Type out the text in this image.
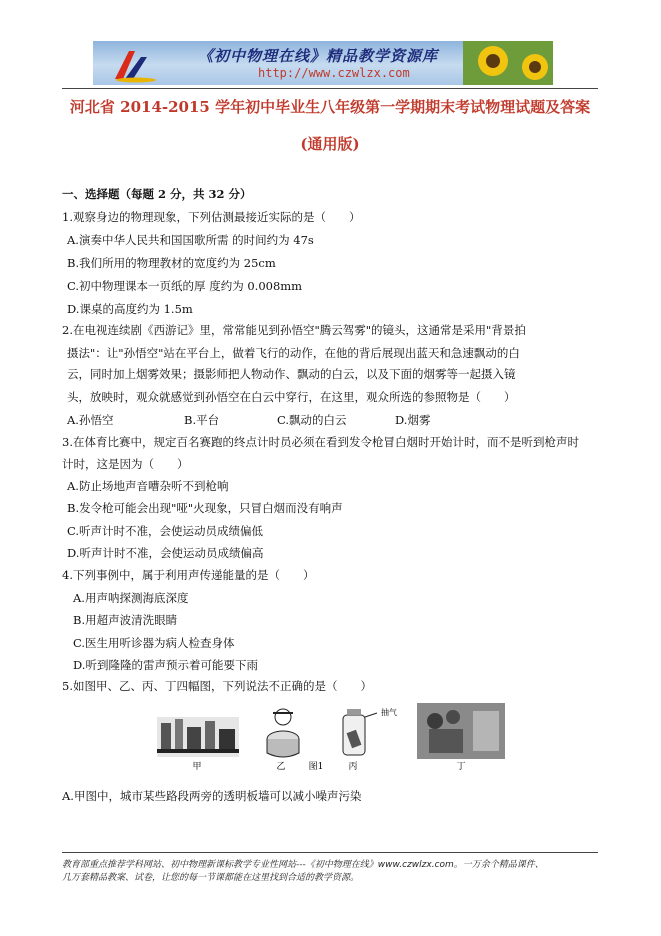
《初中物理在线》精品教学资源库
http://www.czwlzx.com
河北省 2014-2015 学年初中毕业生八年级第一学期期末考试物理试题及答案
(通用版)
一、选择题（每题 2 分，共 32 分）
1.观察身边的物理现象，下列估测最接近实际的是（　　）
A.演奏中华人民共和国国歌所需 的时间约为 47s
B.我们所用的物理教材的宽度约为 25cm
C.初中物理课本一页纸的厚 度约为 0.008mm
D.课桌的高度约为 1.5m
2.在电视连续剧《西游记》里，常常能见到孙悟空"腾云驾雾"的镜头，这通常是采用"背景拍
摄法"：让"孙悟空"站在平台上，做着飞行的动作，在他的背后展现出蓝天和急速飘动的白
云，同时加上烟雾效果；摄影师把人物动作、飘动的白云，以及下面的烟雾等一起摄入镜
头，放映时，观众就感觉到孙悟空在白云中穿行，在这里，观众所选的参照物是（　　）
A.孙悟空	B.平台	C.飘动的白云	D.烟雾
3.在体育比赛中，规定百名赛跑的终点计时员必须在看到发令枪冒白烟时开始计时，而不是听到枪声时
计时，这是因为（　　）
A.防止场地声音嘈杂听不到枪响
B.发令枪可能会出现"哑"火现象，只冒白烟而没有响声
C.听声计时不准，会使运动员成绩偏低
D.听声计时不准，会使运动员成绩偏高
4.下列事例中，属于利用声传递能量的是（　　）
A.用声呐探测海底深度
B.用超声波清洗眼睛
C.医生用听诊器为病人检查身体
D.听到隆隆的雷声预示着可能要下雨
5.如图甲、乙、丙、丁四幅图，下列说法不正确的是（　　）
甲	乙	图1	丙	丁
抽气
A.甲图中，城市某些路段两旁的透明板墙可以减小噪声污染
教育部重点推荐学科网站、初中物理新课标教学专业性网站---《初中物理在线》www.czwlzx.com。一万余个精品课件、
几万套精品教案、试卷，让您的每一节课都能在这里找到合适的教学资源。
